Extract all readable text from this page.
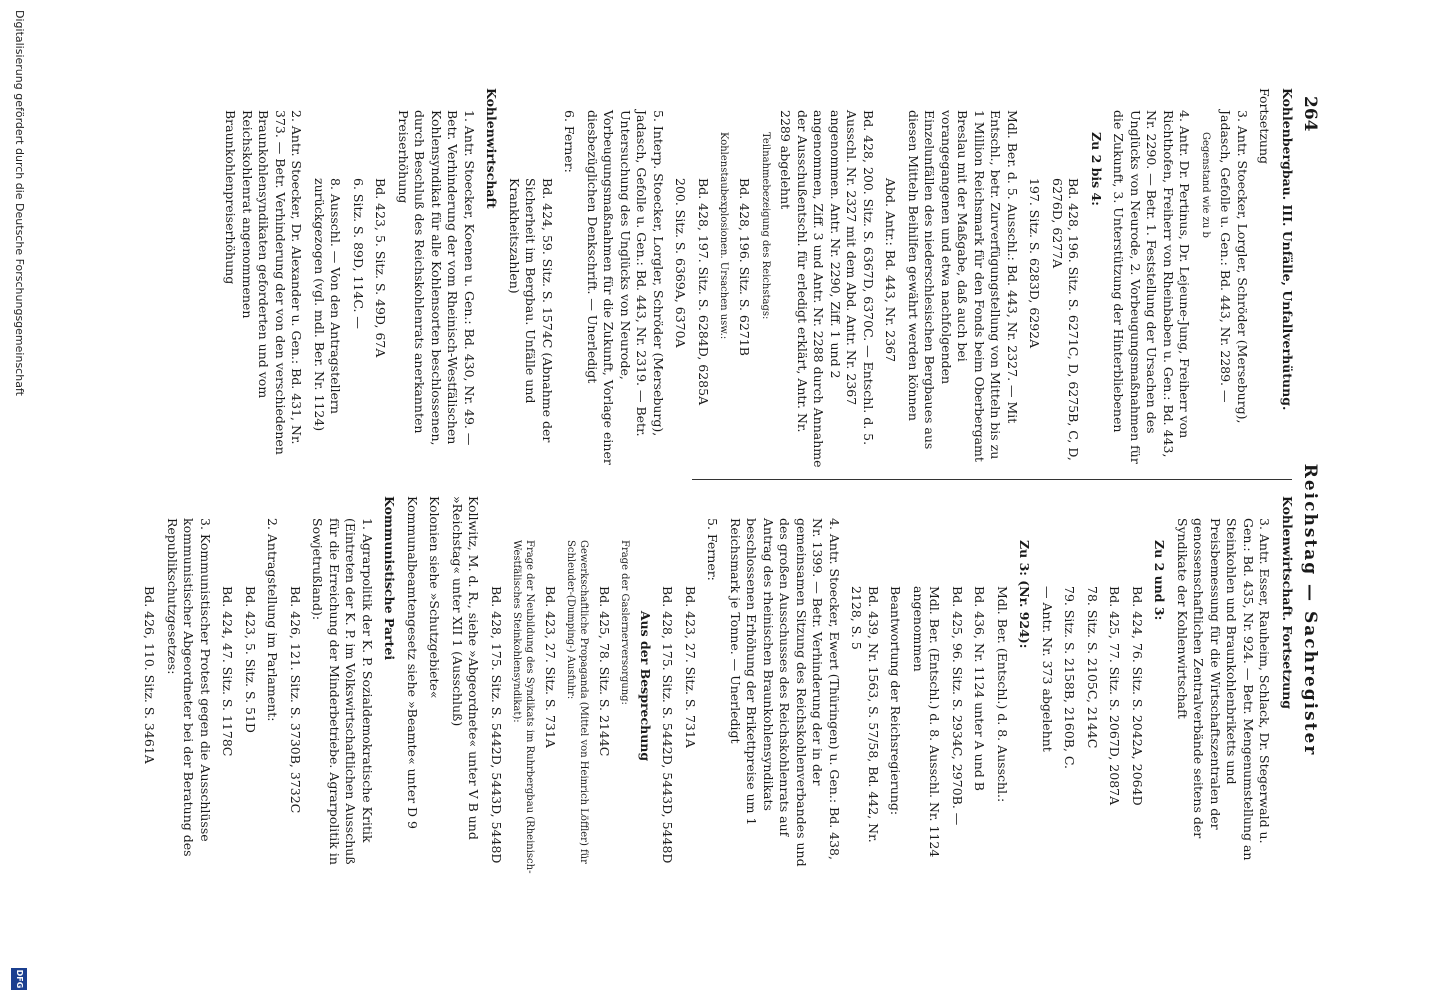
264
Reichstag — Sachregister
Kohlenbergbau. III. Unfälle, Unfallverhütung.
Fortsetzung
3. Antr. Stoecker, Lorgler, Schröder (Merseburg), Jadasch, Gefolle u. Gen.: Bd. 443, Nr. 2289. —
Gegenstand wie zu b
4. Antr. Dr. Pertinus, Dr. Lejeune-Jung, Freiherr von Richthofen, Freiherr von Rheinbaben u. Gen.: Bd. 443, Nr. 2290. — Betr. 1. Feststellung der Ursachen des Unglücks von Neurode, 2. Vorbeugungsmaßnahmen für die Zukunft, 3. Unterstützung der Hinterbliebenen
Zu 2 bis 4:
Bd. 428, 196. Sitz. S. 6271C, D, 6275B, C, D, 6276D, 6277A
197. Sitz. S. 6283D, 6292A
Mdl. Ber. d. 5. Ausschl.: Bd. 443, Nr. 2327. — Mit Entschl., betr. Zurverfügungstellung von Mitteln bis zu 1 Million Reichsmark für den Fonds beim Oberbergamt Breslau mit der Maßgabe, daß auch bei vorangegangenen und etwa nachfolgenden Einzelunfällen des niederschlesischen Bergbaues aus diesen Mitteln Beihilfen gewährt werden können
Abd. Antr.: Bd. 443, Nr. 2367
Bd. 428, 200. Sitz. S. 6367D, 6370C. — Entschl. d. 5. Ausschl. Nr. 2327 mit dem Abd. Antr. Nr. 2367 angenommen. Antr. Nr. 2290, Ziff. 1 und 2 angenommen, Ziff. 3 und Antr. Nr. 2288 durch Annahme der Ausschußentschl. für erledigt erklärt, Antr. Nr. 2289 abgelehnt
Teilnahmebezeigung des Reichstags:
Bd. 428, 196. Sitz. S. 6271B
Kohlenstaubexplosionen. Ursachen usw.:
Bd. 428, 197. Sitz. S. 6284D, 6285A
200. Sitz. S. 6369A, 6370A
5. Interp. Stoecker, Lorgler, Schröder (Merseburg), Jadasch, Gefolle u. Gen.: Bd. 443, Nr. 2319. — Betr. Untersuchung des Unglücks von Neurode, Vorbeugungsmaßnahmen für die Zukunft, Vorlage einer diesbezüglichen Denkschrift. — Unerledigt
6. Ferner:
Bd. 424, 59. Sitz. S. 1574C (Abnahme der Sicherheit im Bergbau. Unfälle und Krankheitszahlen)
Kohlenwirtschaft
1. Antr. Stoecker, Koenen u. Gen.: Bd. 430, Nr. 49. — Betr. Verhinderung der vom Rheinisch-Westfälischen Kohlensyndikat für alle Kohlensorten beschlossenen, durch Beschluß des Reichskohlenrats anerkannten Preiserhöhung
Bd. 423, 5. Sitz. S. 49D, 67A
6. Sitz. S. 89D, 114C. —
8. Ausschl. — Von den Antragstellern zurückgezogen (vgl. mdl. Ber. Nr. 1124)
2. Antr. Stoecker, Dr. Alexander u. Gen.: Bd. 431, Nr. 373. — Betr. Verhinderung der von den verschiedenen Braunkohlensyndikaten geforderten und vom Reichskohlenrat angenommenen Braunkohlenpreiserhöhung
Kohlenwirtschaft. Fortsetzung
3. Antr. Esser, Rauheim, Schlack, Dr. Stegerwald u. Gen.: Bd. 435, Nr. 924. — Betr. Mengenumstellung an Steinkohlen und Braunkohlenbriketts und Preisbemessung für die Wirtschaftszentralen der genossenschaftlichen Zentralverbände seitens der Syndikate der Kohlenwirtschaft
Zu 2 und 3:
Bd. 424, 76. Sitz. S. 2042A, 2064D
Bd. 425, 77. Sitz. S. 2067D, 2087A
78. Sitz. S. 2105C, 2144C
79. Sitz. S. 2158B, 2160B, C.
— Antr. Nr. 373 abgelehnt
Zu 3: (Nr. 924):
Mdl. Ber. (Entschl.) d. 8. Ausschl.:
Bd. 436, Nr. 1124 unter A und B
Bd. 425, 96. Sitz. S. 2934C, 2970B. —
Mdl. Ber. (Entschl.) d. 8. Ausschl. Nr. 1124 angenommen
Beantwortung der Reichsregierung:
Bd. 439, Nr. 1563, S. 57/58, Bd. 442, Nr. 2128, S. 5
4. Antr. Stoecker, Ewert (Thüringen) u. Gen.: Bd. 438, Nr. 1399. — Betr. Verhinderung der in der gemeinsamen Sitzung des Reichskohlenverbandes und des großen Ausschusses des Reichskohlenrats auf Antrag des rheinischen Braunkohlensyndikats beschlossenen Erhöhung der Brikettpreise um 1 Reichsmark je Tonne. — Unerledigt
5. Ferner:
Bd. 423, 27. Sitz. S. 731A
Bd. 428, 175. Sitz. S. 5442D, 5443D, 5448D
Aus der Besprechung
Frage der Gaslernerversorgung:
Bd. 425, 78. Sitz. S. 2144C
Gewerkschaftliche Propaganda (Mittel von Heinrich Löffler) für Schleuder-(Dumping-) Ausfuhr:
Bd. 423, 27. Sitz. S. 731A
Frage der Neubildung des Syndikats im Ruhrbergbau (Rheinisch-Westfälisches Steinkohlensyndikat):
Bd. 428, 175. Sitz. S. 5442D, 5443D, 5448D
Kollwitz, M. d. R., siehe »Abgeordnete« unter V B und »Reichstag« unter XII 1 (Ausschluß)
Kolonien siehe »Schutzgebiete«
Kommunalbeamtengesetz siehe »Beamte« unter D 9
Kommunistische Partei
1. Agrarpolitik der K. P. Sozialdemokratische Kritik (Eintreten der K. P. im Volkswirtschaftlichen Ausschuß für die Erreichung der Minderbetriebe. Agrarpolitik in Sowjetrußland):
Bd. 426, 121. Sitz. S. 3730B, 3732C
2. Antragstellung im Parlament:
Bd. 423, 5. Sitz. S. 51D
Bd. 424, 47. Sitz. S. 1178C
3. Kommunistischer Protest gegen die Ausschlüsse kommunistischer Abgeordneter bei der Beratung des Republikschutzgesetzes:
Bd. 426, 110. Sitz. S. 3461A
Digitalisierung gefördert durch die Deutsche Forschungsgemeinschaft
DFG
